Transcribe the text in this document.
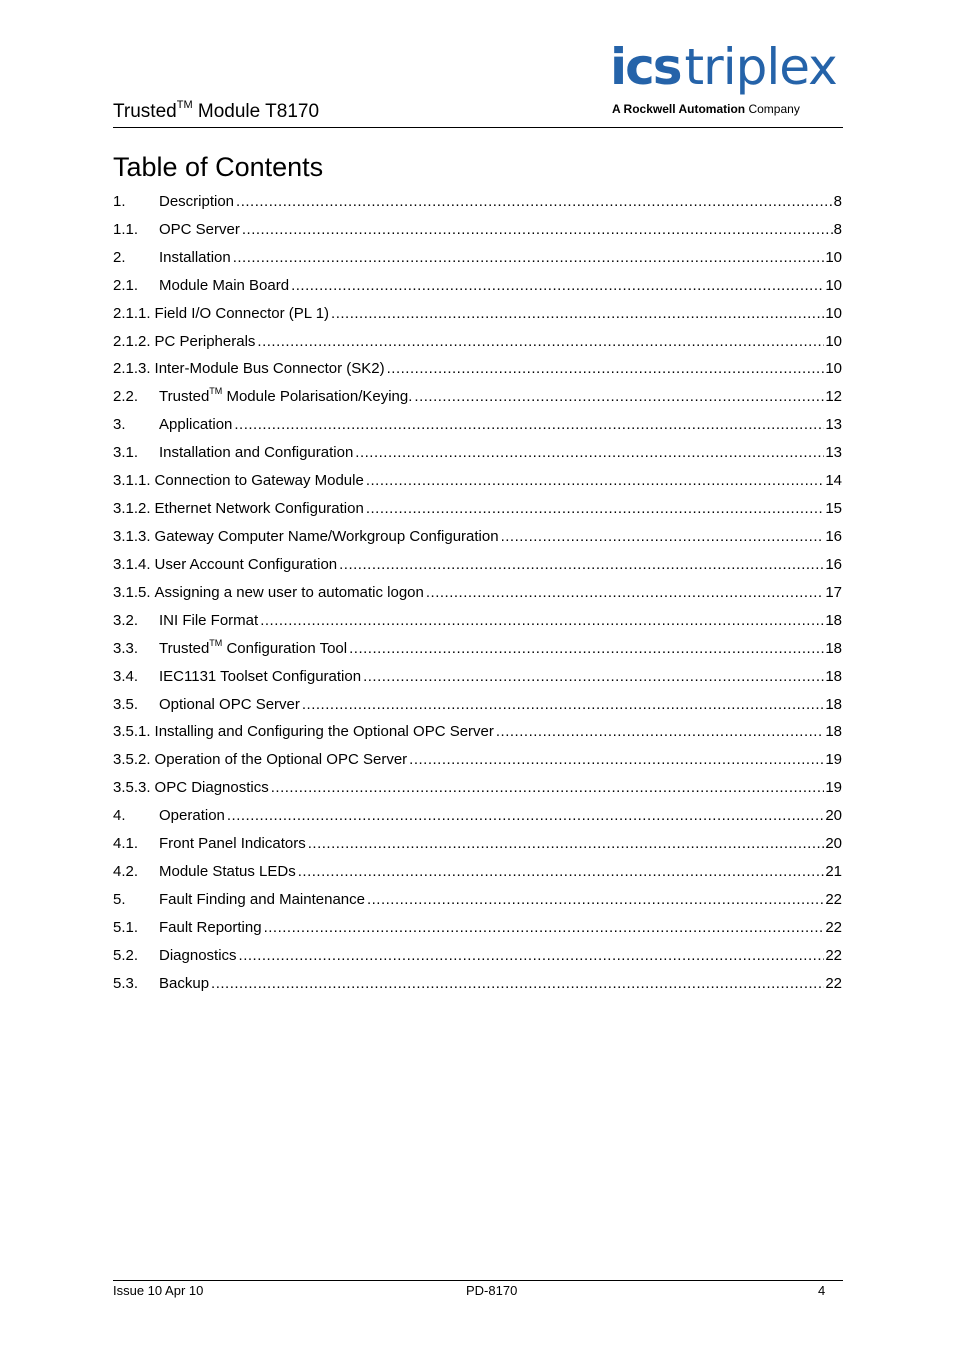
Trusted™ Module T8170
icstriplex
A Rockwell Automation Company
Table of Contents
1.	Description .....	8
1.1.	OPC Server .....	8
2.	Installation .....	10
2.1.	Module Main Board .....	10
2.1.1. Field I/O Connector (PL 1) .....	10
2.1.2. PC Peripherals .....	10
2.1.3. Inter-Module Bus Connector (SK2) .....	10
2.2.	Trusted™ Module Polarisation/Keying. .....	12
3.	Application .....	13
3.1.	Installation and Configuration .....	13
3.1.1. Connection to Gateway Module .....	14
3.1.2. Ethernet Network Configuration .....	15
3.1.3. Gateway Computer Name/Workgroup Configuration .....	16
3.1.4. User Account Configuration .....	16
3.1.5. Assigning a new user to automatic logon .....	17
3.2.	INI File Format .....	18
3.3.	Trusted™ Configuration Tool .....	18
3.4.	IEC1131 Toolset Configuration .....	18
3.5.	Optional OPC Server .....	18
3.5.1. Installing and Configuring the Optional OPC Server .....	18
3.5.2. Operation of the Optional OPC Server .....	19
3.5.3. OPC Diagnostics .....	19
4.	Operation .....	20
4.1.	Front Panel Indicators .....	20
4.2.	Module Status LEDs .....	21
5.	Fault Finding and Maintenance .....	22
5.1.	Fault Reporting .....	22
5.2.	Diagnostics .....	22
5.3.	Backup .....	22
Issue 10 Apr 10	PD-8170	4
